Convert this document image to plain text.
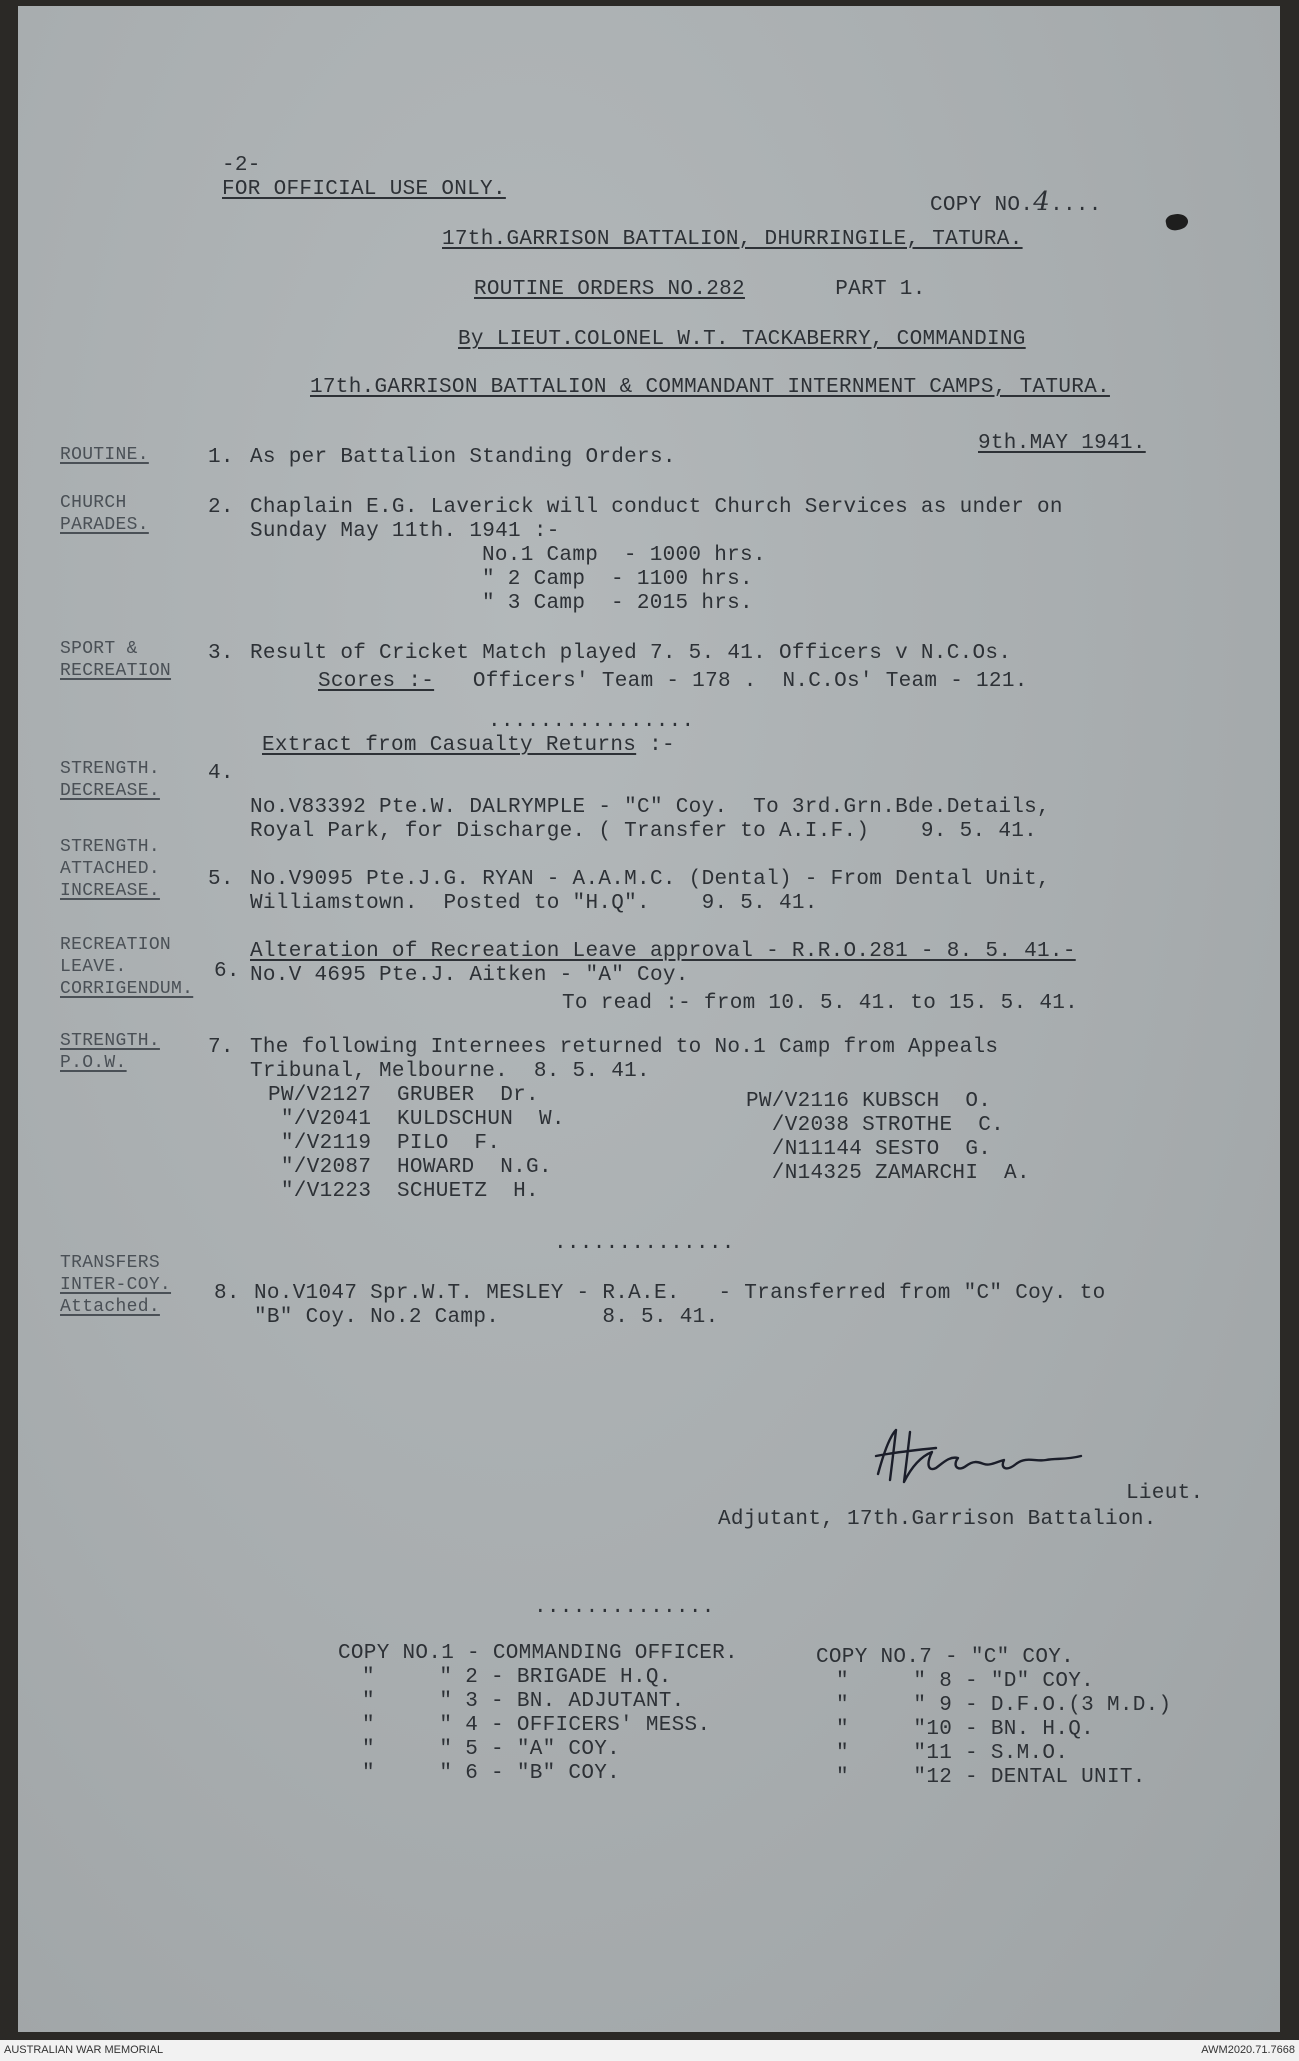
-2-
FOR OFFICIAL USE ONLY.
COPY NO.4....
17th.GARRISON BATTALION, DHURRINGILE, TATURA.
ROUTINE ORDERS NO.282	PART 1.
By LIEUT.COLONEL W.T. TACKABERRY, COMMANDING
17th.GARRISON BATTALION & COMMANDANT INTERNMENT CAMPS, TATURA.
9th.MAY 1941.
ROUTINE.	1. As per Battalion Standing Orders.
CHURCH
PARADES.
2. Chaplain E.G. Laverick will conduct Church Services as under on
Sunday May 11th. 1941 :-
No.1 Camp  - 1000 hrs.
" 2 Camp  - 1100 hrs.
" 3 Camp  - 2015 hrs.
SPORT &
RECREATION
3. Result of Cricket Match played 7. 5. 41. Officers v N.C.Os.
Scores :- Officers' Team - 178 .  N.C.Os' Team - 121.
................
Extract from Casualty Returns :-
STRENGTH.
DECREASE.
4.
No.V83392 Pte.W. DALRYMPLE - "C" Coy.  To 3rd.Grn.Bde.Details,
Royal Park, for Discharge. ( Transfer to A.I.F.)    9. 5. 41.
STRENGTH.
ATTACHED.
INCREASE. 5. No.V9095 Pte.J.G. RYAN - A.A.M.C. (Dental) - From Dental Unit,
Williamstown.  Posted to "H.Q".    9. 5. 41.
RECREATION
LEAVE.
CORRIGENDUM.
6.
Alteration of Recreation Leave approval - R.R.O.281 - 8. 5. 41.-
No.V 4695 Pte.J. Aitken - "A" Coy.
To read :- from 10. 5. 41. to 15. 5. 41.
STRENGTH.
P.O.W.
7. The following Internees returned to No.1 Camp from Appeals
Tribunal, Melbourne.  8. 5. 41.
PW/V2127  GRUBER  Dr.
"/V2041  KULDSCHUN  W.
"/V2119  PILO  F.
"/V2087  HOWARD  N.G.
"/V1223  SCHUETZ  H.
PW/V2116 KUBSCH  O.
/V2038 STROTHE  C.
/N11144 SESTO  G.
/N14325 ZAMARCHI  A.
..............
TRANSFERS
INTER-COY.
Attached.
8. No.V1047 Spr.W.T. MESLEY - R.A.E.   - Transferred from "C" Coy. to
"B" Coy. No.2 Camp.        8. 5. 41.
Lieut.
Adjutant, 17th.Garrison Battalion.
..............
COPY NO.1 - COMMANDING OFFICER.
"     " 2 - BRIGADE H.Q.
"     " 3 - BN. ADJUTANT.
"     " 4 - OFFICERS' MESS.
"     " 5 - "A" COY.
"     " 6 - "B" COY.
COPY NO.7 - "C" COY.
"     " 8 - "D" COY.
"     " 9 - D.F.O.(3 M.D.)
"     "10 - BN. H.Q.
"     "11 - S.M.O.
"     "12 - DENTAL UNIT.
AUSTRALIAN WAR MEMORIAL	AWM2020.71.7668
